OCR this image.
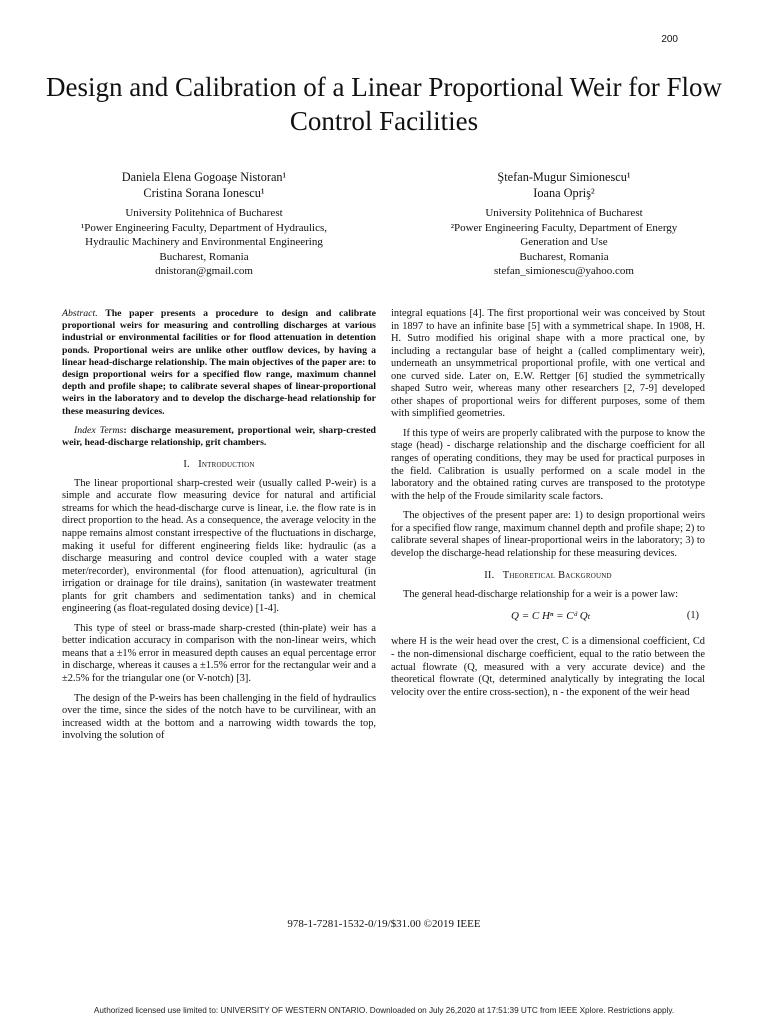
200
Design and Calibration of a Linear Proportional Weir for Flow Control Facilities
Daniela Elena Gogoaşe Nistoran¹
Cristina Sorana Ionescu¹
University Politehnica of Bucharest
¹Power Engineering Faculty, Department of Hydraulics,
Hydraulic Machinery and Environmental Engineering
Bucharest, Romania
dnistoran@gmail.com
Ştefan-Mugur Simionescu¹
Ioana Opriş²
University Politehnica of Bucharest
²Power Engineering Faculty, Department of Energy
Generation and Use
Bucharest, Romania
stefan_simionescu@yahoo.com

Abstract. The paper presents a procedure to design and calibrate proportional weirs for measuring and controlling discharges at various industrial or environmental facilities or for flood attenuation in detention ponds. Proportional weirs are unlike other outflow devices, by having a linear head-discharge relationship. The main objectives of the paper are: to design proportional weirs for a specified flow range, maximum channel depth and profile shape; to calibrate several shapes of linear-proportional weirs in the laboratory and to develop the discharge-head relationship for these measuring devices.

Index Terms: discharge measurement, proportional weir, sharp-crested weir, head-discharge relationship, grit chambers.

I. Introduction

The linear proportional sharp-crested weir (usually called P-weir) is a simple and accurate flow measuring device for natural and artificial streams for which the head-discharge curve is linear, i.e. the flow rate is in direct proportion to the head. As a consequence, the average velocity in the nappe remains almost constant irrespective of the fluctuations in discharge, making it useful for different engineering fields like: hydraulic (as a discharge measuring and control device coupled with a water stage meter/recorder), environmental (for flood attenuation), agricultural (in irrigation or drainage for tile drains), sanitation (in wastewater treatment plants for grit chambers and sedimentation tanks) and in chemical engineering (as float-regulated dosing device) [1-4].

This type of steel or brass-made sharp-crested (thin-plate) weir has a better indication accuracy in comparison with the non-linear weirs, which means that a ±1% error in measured depth causes an equal percentage error in discharge, whereas it causes a ±1.5% error for the rectangular weir and a ±2.5% for the triangular one (or V-notch) [3].

The design of the P-weirs has been challenging in the field of hydraulics over the time, since the sides of the notch have to be curvilinear, with an increased width at the bottom and a narrowing width towards the top, involving the solution of

integral equations [4]. The first proportional weir was conceived by Stout in 1897 to have an infinite base [5] with a symmetrical shape. In 1908, H. H. Sutro modified his original shape with a more practical one, by including a rectangular base of height a (called complimentary weir), underneath an unsymmetrical proportional profile, with one vertical and one curved side. Later on, E.W. Rettger [6] studied the symmetrically shaped Sutro weir, whereas many other researchers [2, 7-9] developed other shapes of proportional weirs for different purposes, some of them with simplified geometries.

If this type of weirs are properly calibrated with the purpose to know the stage (head) - discharge relationship and the discharge coefficient for all ranges of operating conditions, they may be used for practical purposes in the field. Calibration is usually performed on a scale model in the laboratory and the obtained rating curves are transposed to the prototype with the help of the Froude similarity scale factors.

The objectives of the present paper are: 1) to design proportional weirs for a specified flow range, maximum channel depth and profile shape; 2) to calibrate several shapes of linear-proportional weirs in the laboratory; 3) to develop the discharge-head relationship for these measuring devices.

II. Theoretical Background

The general head-discharge relationship for a weir is a power law:

Q = C Hⁿ = Cᵈ Qₜ	(1)

where H is the weir head over the crest, C is a dimensional coefficient, Cd - the non-dimensional discharge coefficient, equal to the ratio between the actual flowrate (Q, measured with a very accurate device) and the theoretical flowrate (Qt, determined analytically by integrating the local velocity over the entire cross-section), n - the exponent of the weir head

978-1-7281-1532-0/19/$31.00 ©2019 IEEE
Authorized licensed use limited to: UNIVERSITY OF WESTERN ONTARIO. Downloaded on July 26,2020 at 17:51:39 UTC from IEEE Xplore. Restrictions apply.
